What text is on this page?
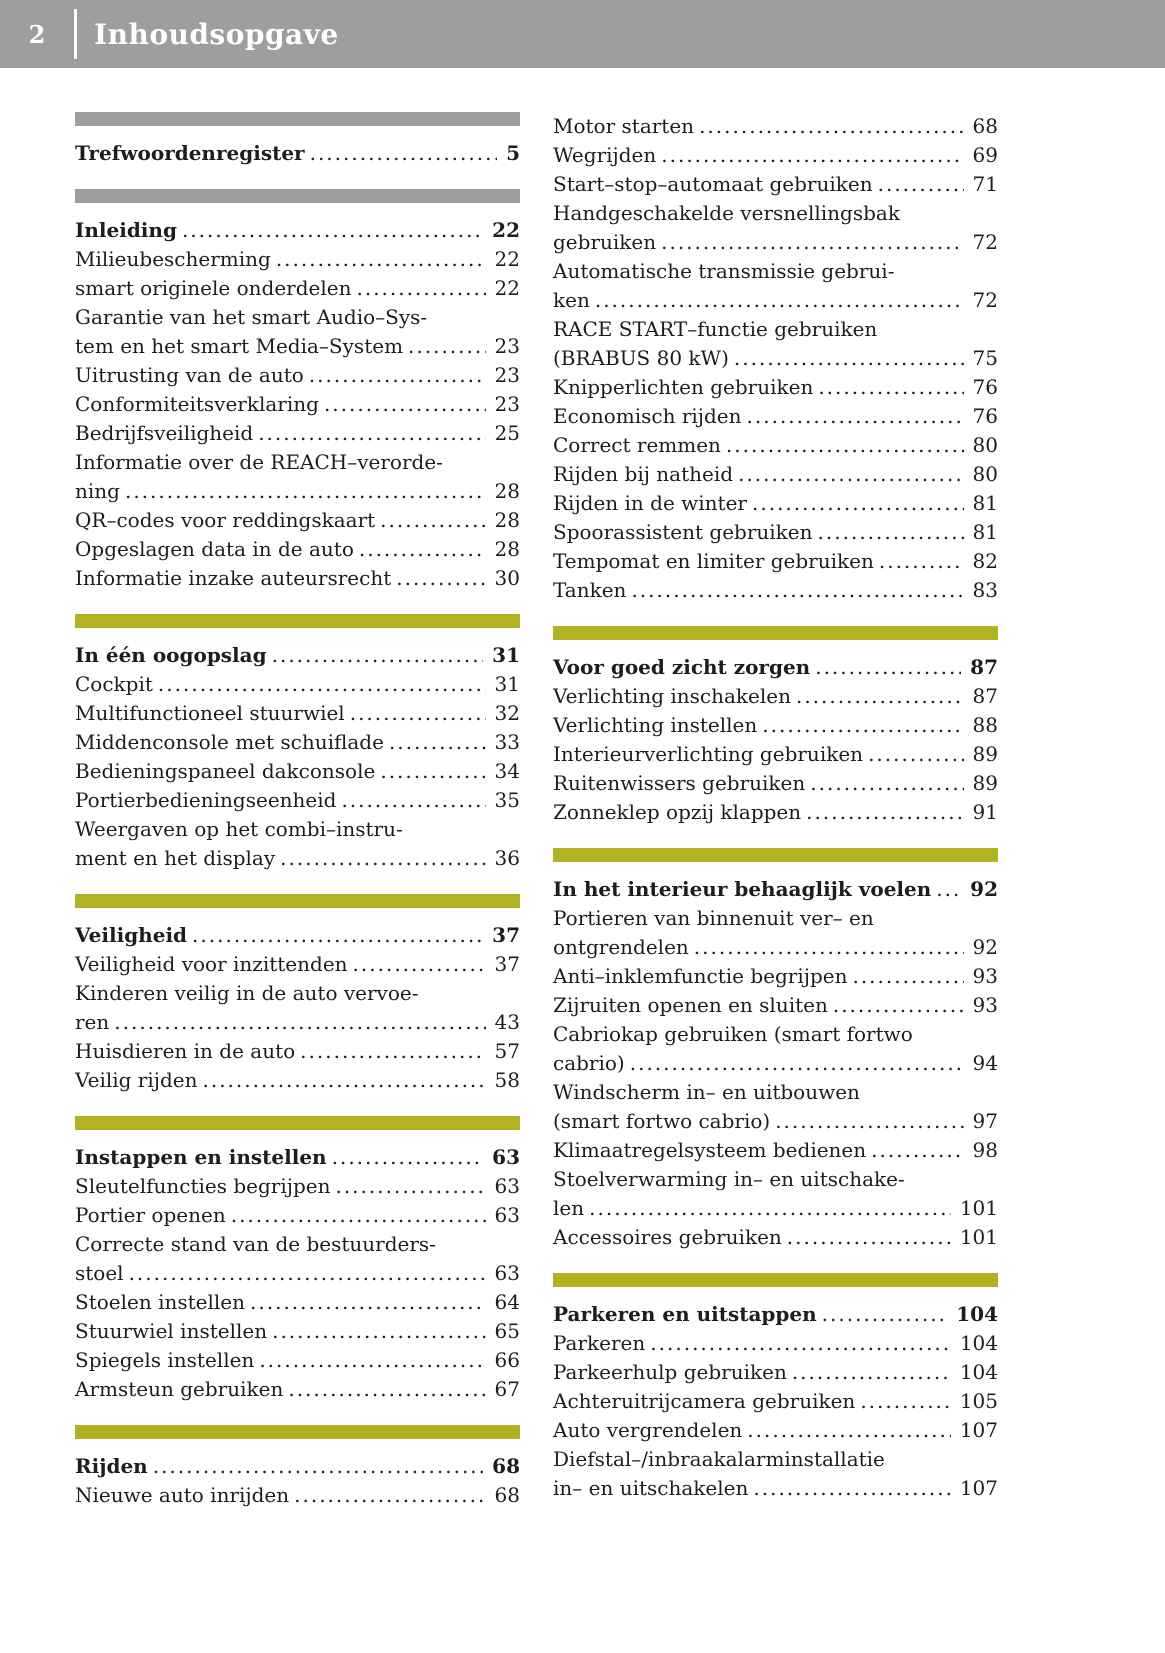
2	Inhoudsopgave
Trefwoordenregister .....	5
Inleiding .....	22
Milieubescherming .....	22
smart originele onderdelen .....	22
Garantie van het smart Audio–Sys-
tem en het smart Media–System .....	23
Uitrusting van de auto .....	23
Conformiteitsverklaring .....	23
Bedrijfsveiligheid .....	25
Informatie over de REACH–verorde-
ning .....	28
QR–codes voor reddingskaart .....	28
Opgeslagen data in de auto .....	28
Informatie inzake auteursrecht .....	30
In één oogopslag .....	31
Cockpit .....	31
Multifunctioneel stuurwiel .....	32
Middenconsole met schuiflade .....	33
Bedieningspaneel dakconsole .....	34
Portierbedieningseenheid .....	35
Weergaven op het combi–instru-
ment en het display .....	36
Veiligheid .....	37
Veiligheid voor inzittenden .....	37
Kinderen veilig in de auto vervoe-
ren .....	43
Huisdieren in de auto .....	57
Veilig rijden .....	58
Instappen en instellen .....	63
Sleutelfuncties begrijpen .....	63
Portier openen .....	63
Correcte stand van de bestuurders-
stoel .....	63
Stoelen instellen .....	64
Stuurwiel instellen .....	65
Spiegels instellen .....	66
Armsteun gebruiken .....	67
Rijden .....	68
Nieuwe auto inrijden .....	68
Motor starten .....	68
Wegrijden .....	69
Start–stop–automaat gebruiken .....	71
Handgeschakelde versnellingsbak
gebruiken .....	72
Automatische transmissie gebrui-
ken .....	72
RACE START–functie gebruiken
(BRABUS 80 kW) .....	75
Knipperlichten gebruiken .....	76
Economisch rijden .....	76
Correct remmen .....	80
Rijden bij natheid .....	80
Rijden in de winter .....	81
Spoorassistent gebruiken .....	81
Tempomat en limiter gebruiken .....	82
Tanken .....	83
Voor goed zicht zorgen .....	87
Verlichting inschakelen .....	87
Verlichting instellen .....	88
Interieurverlichting gebruiken .....	89
Ruitenwissers gebruiken .....	89
Zonneklep opzij klappen .....	91
In het interieur behaaglijk voelen .....	92
Portieren van binnenuit ver– en
ontgrendelen .....	92
Anti–inklemfunctie begrijpen .....	93
Zijruiten openen en sluiten .....	93
Cabriokap gebruiken (smart fortwo
cabrio) .....	94
Windscherm in– en uitbouwen
(smart fortwo cabrio) .....	97
Klimaatregelsysteem bedienen .....	98
Stoelverwarming in– en uitschake-
len .....	101
Accessoires gebruiken .....	101
Parkeren en uitstappen .....	104
Parkeren .....	104
Parkeerhulp gebruiken .....	104
Achteruitrijcamera gebruiken .....	105
Auto vergrendelen .....	107
Diefstal–/inbraakalarminstallatie
in– en uitschakelen .....	107
